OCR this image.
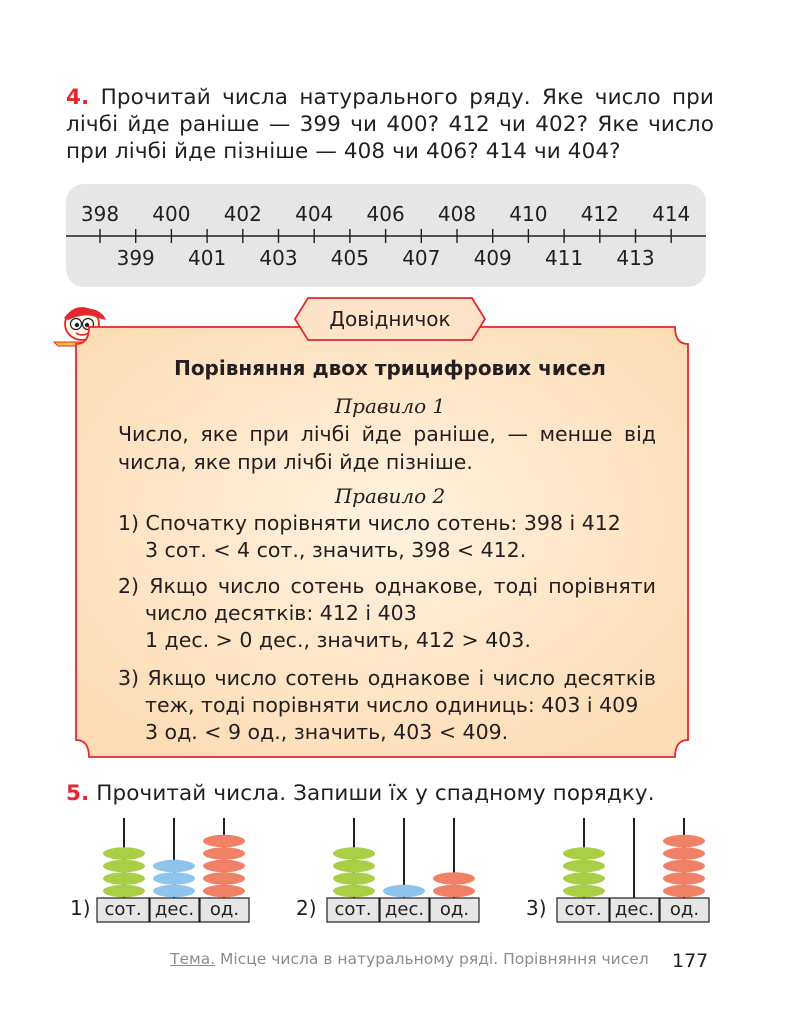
4. Прочитай числа натурального ряду. Яке число при лічбі йде раніше — 399 чи 400? 412 чи 402? Яке число при лічбі йде пізніше — 408 чи 406? 414 чи 404?
398 400 402 404 406 408 410 412 414
399 401 403 405 407 409 411 413
Довідничок
Порівняння двох трицифрових чисел
Правило 1
Число, яке при лічбі йде раніше, — менше від числа, яке при лічбі йде пізніше.
Правило 2
1) Спочатку порівняти число сотень: 398 і 412
3 сот. < 4 сот., значить, 398 < 412.
2) Якщо число сотень однакове, тоді порівняти
число десятків: 412 і 403
1 дес. > 0 дес., значить, 412 > 403.
3) Якщо число сотень однакове і число десятків
теж, тоді порівняти число одиниць: 403 і 409
3 од. < 9 од., значить, 403 < 409.
5. Прочитай числа. Запиши їх у спадному порядку.
1) сот. дес. од.	2) сот. дес. од.	3) сот. дес. од.
Тема. Місце числа в натуральному ряді. Порівняння чисел 177
